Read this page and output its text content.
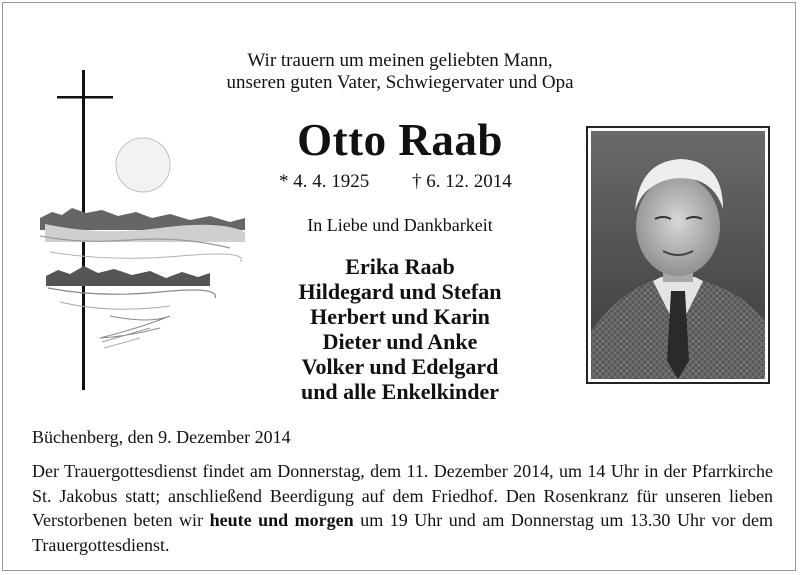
Wir trauern um meinen geliebten Mann,
unseren guten Vater, Schwiegervater und Opa
Otto Raab
* 4. 4. 1925 † 6. 12. 2014
In Liebe und Dankbarkeit
Erika Raab
Hildegard und Stefan
Herbert und Karin
Dieter und Anke
Volker und Edelgard
und alle Enkelkinder
Büchenberg, den 9. Dezember 2014

Der Trauergottesdienst findet am Donnerstag, dem 11. Dezember 2014, um 14 Uhr in der Pfarrkirche St. Jakobus statt; anschließend Beerdigung auf dem Friedhof. Den Rosenkranz für unseren lieben Verstorbenen beten wir heute und morgen um 19 Uhr und am Donnerstag um 13.30 Uhr vor dem Trauergottesdienst.
